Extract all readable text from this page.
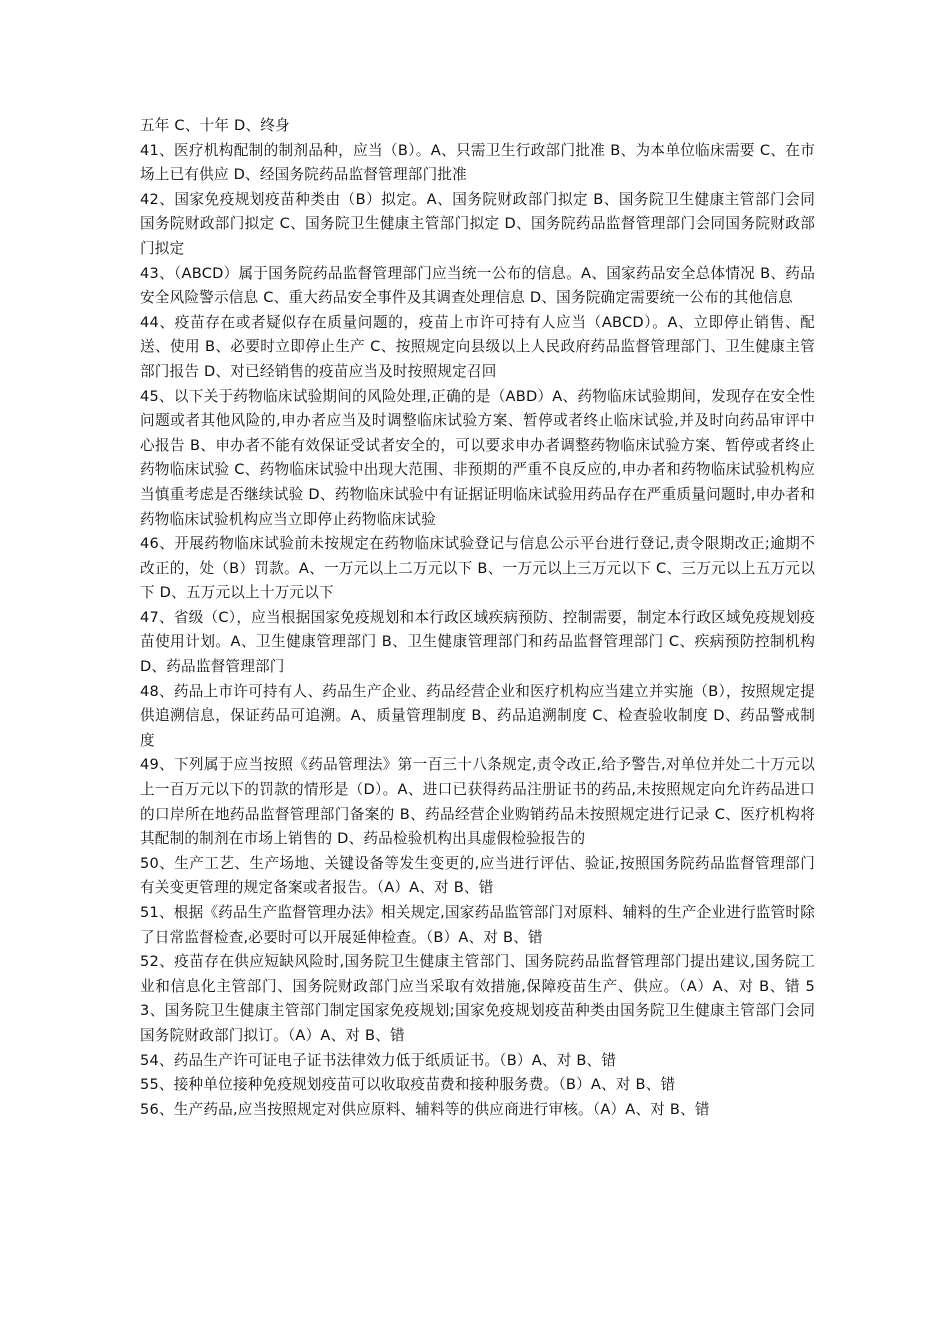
五年 C、十年 D、终身

41、医疗机构配制的制剂品种，应当（B）。A、只需卫生行政部门批准 B、为本单位临床需要 C、在市场上已有供应 D、经国务院药品监督管理部门批准

42、国家免疫规划疫苗种类由（B）拟定。A、国务院财政部门拟定 B、国务院卫生健康主管部门会同国务院财政部门拟定 C、国务院卫生健康主管部门拟定 D、国务院药品监督管理部门会同国务院财政部门拟定

43、（ABCD）属于国务院药品监督管理部门应当统一公布的信息。A、国家药品安全总体情况 B、药品安全风险警示信息 C、重大药品安全事件及其调查处理信息 D、国务院确定需要统一公布的其他信息

44、疫苗存在或者疑似存在质量问题的，疫苗上市许可持有人应当（ABCD）。A、立即停止销售、配送、使用 B、必要时立即停止生产 C、按照规定向县级以上人民政府药品监督管理部门、卫生健康主管部门报告 D、对已经销售的疫苗应当及时按照规定召回

45、以下关于药物临床试验期间的风险处理,正确的是（ABD）A、药物临床试验期间，发现存在安全性问题或者其他风险的,申办者应当及时调整临床试验方案、暂停或者终止临床试验,并及时向药品审评中心报告 B、申办者不能有效保证受试者安全的，可以要求申办者调整药物临床试验方案、暂停或者终止药物临床试验 C、药物临床试验中出现大范围、非预期的严重不良反应的,申办者和药物临床试验机构应当慎重考虑是否继续试验 D、药物临床试验中有证据证明临床试验用药品存在严重质量问题时,申办者和药物临床试验机构应当立即停止药物临床试验

46、开展药物临床试验前未按规定在药物临床试验登记与信息公示平台进行登记,责令限期改正;逾期不改正的，处（B）罚款。A、一万元以上二万元以下 B、一万元以上三万元以下 C、三万元以上五万元以下 D、五万元以上十万元以下

47、省级（C），应当根据国家免疫规划和本行政区域疾病预防、控制需要，制定本行政区域免疫规划疫苗使用计划。A、卫生健康管理部门 B、卫生健康管理部门和药品监督管理部门 C、疾病预防控制机构 D、药品监督管理部门

48、药品上市许可持有人、药品生产企业、药品经营企业和医疗机构应当建立并实施（B），按照规定提供追溯信息，保证药品可追溯。A、质量管理制度 B、药品追溯制度 C、检查验收制度 D、药品警戒制度

49、下列属于应当按照《药品管理法》第一百三十八条规定,责令改正,给予警告,对单位并处二十万元以上一百万元以下的罚款的情形是（D）。A、进口已获得药品注册证书的药品,未按照规定向允许药品进口的口岸所在地药品监督管理部门备案的 B、药品经营企业购销药品未按照规定进行记录 C、医疗机构将其配制的制剂在市场上销售的 D、药品检验机构出具虚假检验报告的

50、生产工艺、生产场地、关键设备等发生变更的,应当进行评估、验证,按照国务院药品监督管理部门有关变更管理的规定备案或者报告。（A）A、对 B、错

51、根据《药品生产监督管理办法》相关规定,国家药品监管部门对原料、辅料的生产企业进行监管时除了日常监督检查,必要时可以开展延伸检查。（B）A、对 B、错

52、疫苗存在供应短缺风险时,国务院卫生健康主管部门、国务院药品监督管理部门提出建议,国务院工业和信息化主管部门、国务院财政部门应当采取有效措施,保障疫苗生产、供应。（A）A、对 B、错 53、国务院卫生健康主管部门制定国家免疫规划;国家免疫规划疫苗种类由国务院卫生健康主管部门会同国务院财政部门拟订。（A）A、对 B、错

54、药品生产许可证电子证书法律效力低于纸质证书。（B）A、对 B、错

55、接种单位接种免疫规划疫苗可以收取疫苗费和接种服务费。（B）A、对 B、错

56、生产药品,应当按照规定对供应原料、辅料等的供应商进行审核。（A）A、对 B、错
